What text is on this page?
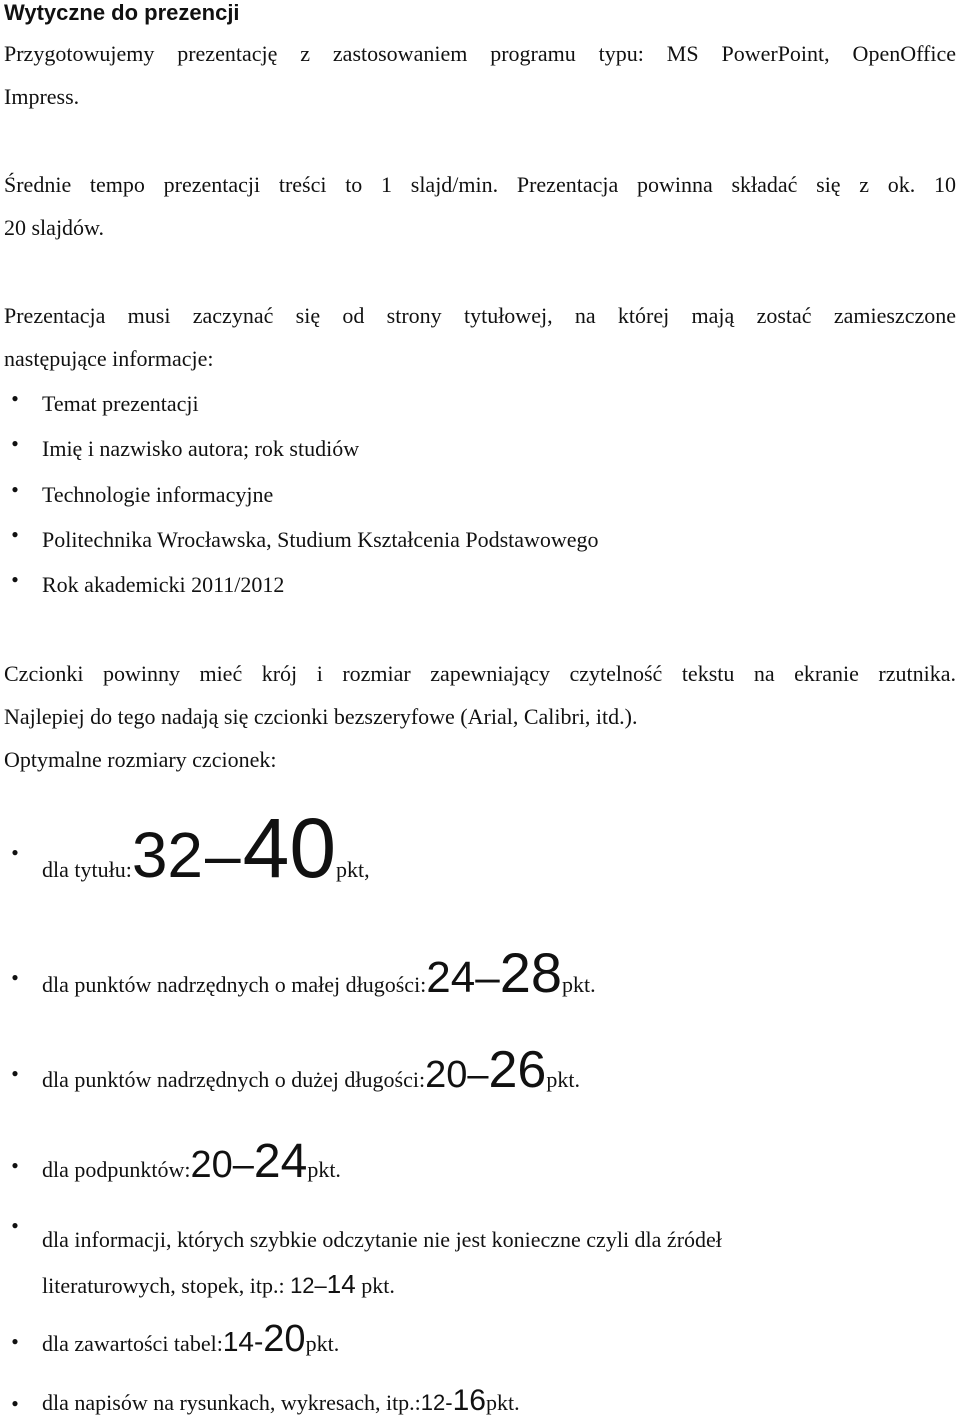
Wytyczne do prezencji
Przygotowujemy prezentację z zastosowaniem programu typu: MS PowerPoint, OpenOffice
Impress.
Średnie tempo prezentacji treści to 1 slajd/min. Prezentacja powinna składać się z ok. 10
20 slajdów.
Prezentacja musi zaczynać się od strony tytułowej, na której mają zostać zamieszczone
następujące informacje:
●	Temat prezentacji
●	Imię i nazwisko autora; rok studiów
●	Technologie informacyjne
●	Politechnika Wrocławska, Studium Kształcenia Podstawowego
●	Rok akademicki 2011/2012
Czcionki powinny mieć krój i rozmiar zapewniający czytelność tekstu na ekranie rzutnika.
Najlepiej do tego nadają się czcionki bezszeryfowe (Arial, Calibri, itd.).
Optymalne rozmiary czcionek:
●
dla tytułu: 32 – 40 pkt,
●	dla punktów nadrzędnych o małej długości: 24 – 28 pkt.
●	dla punktów nadrzędnych o dużej długości: 20 – 26 pkt.
●	dla podpunktów: 20 – 24 pkt.
●
dla informacji, których szybkie odczytanie nie jest konieczne czyli dla źródeł
literaturowych, stopek, itp.: 12–14 pkt.
●	dla zawartości tabel: 14 - 20 pkt.
●	dla napisów na rysunkach, wykresach, itp.: 12 - 16 pkt.
